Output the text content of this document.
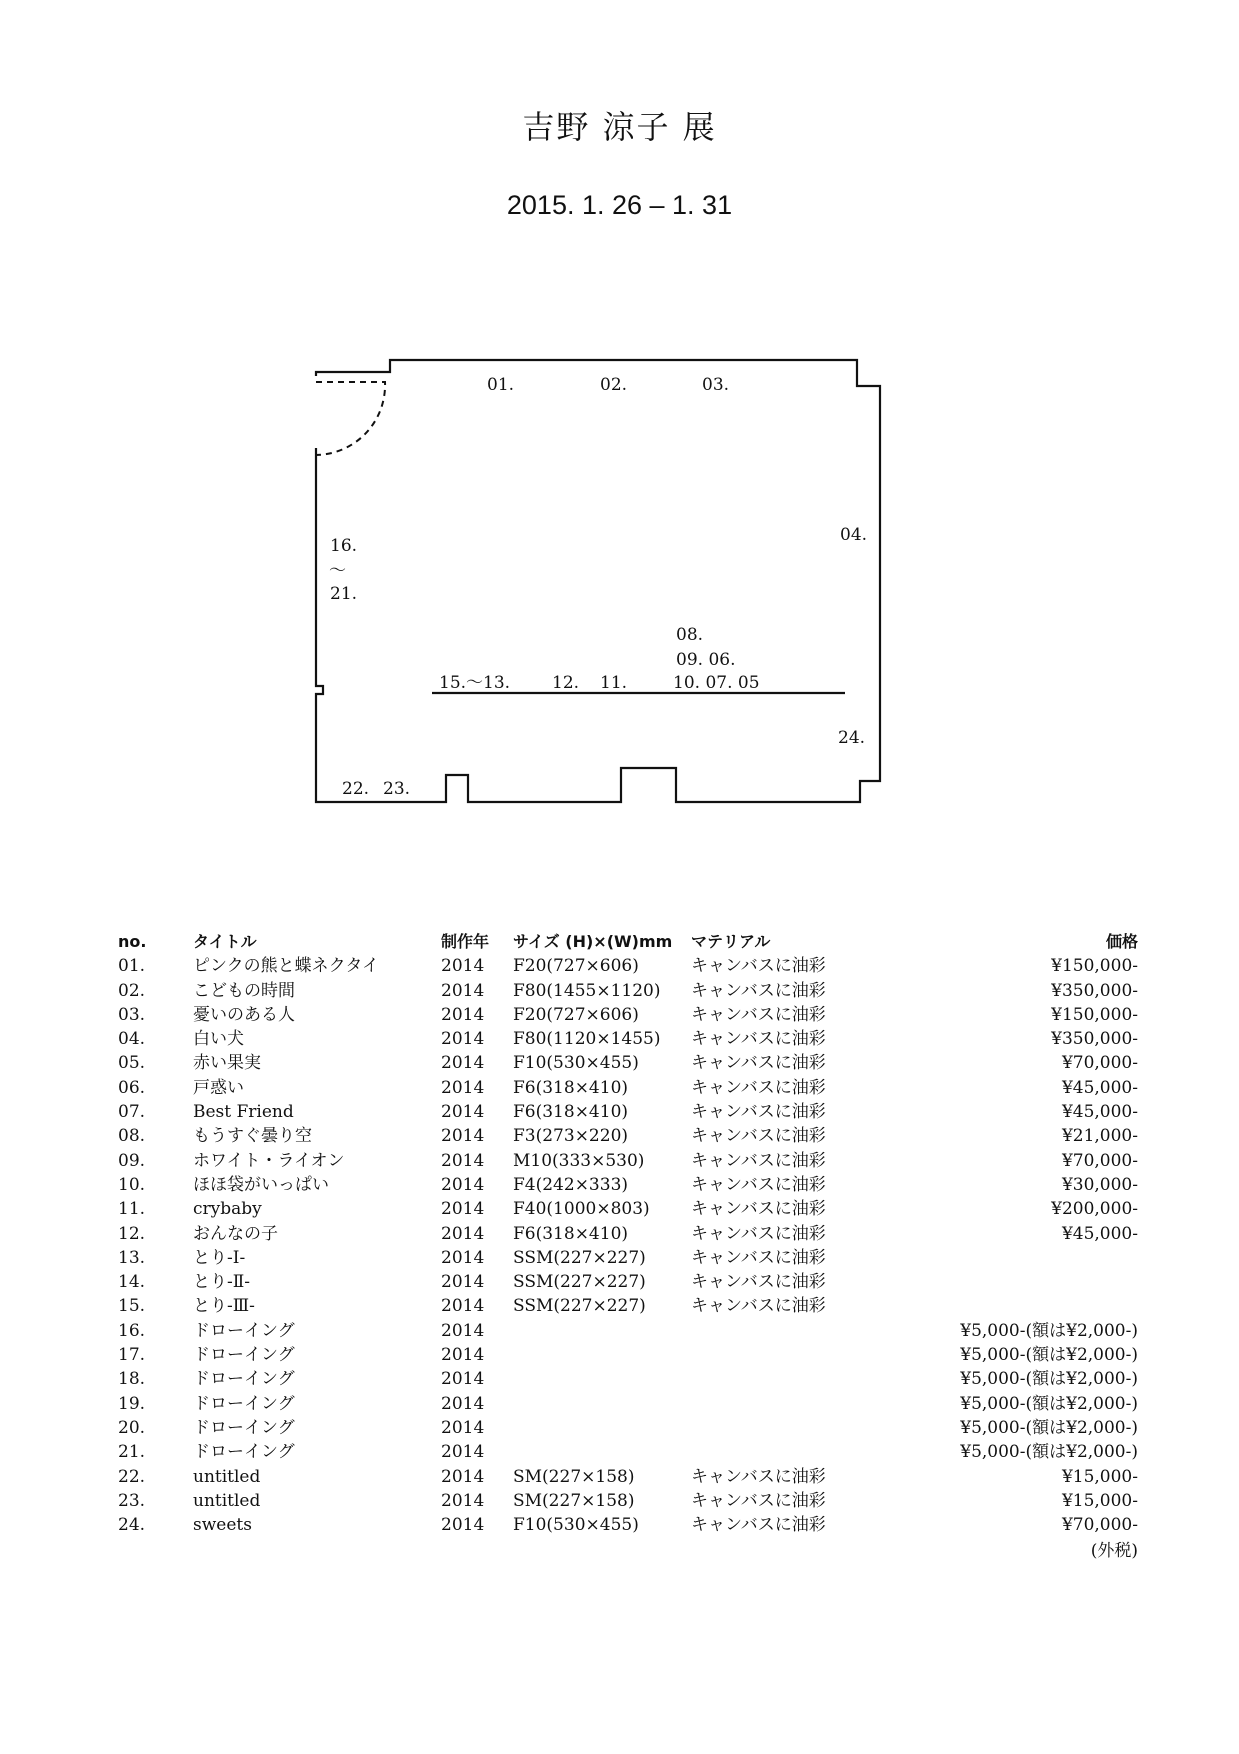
吉野 涼子 展
2015. 1. 26 – 1. 31
01.	02.	03.
04.
16.
～
21.
08.
09. 06.
15.～13. 12. 11.	10. 07. 05
24.
22. 23.
no.	タイトル	制作年	サイズ (H)×(W)mm	マテリアル	価格
01.	ピンクの熊と蝶ネクタイ	2014	F20(727×606)	キャンバスに油彩	¥150,000-
02.	こどもの時間	2014	F80(1455×1120)	キャンバスに油彩	¥350,000-
03.	憂いのある人	2014	F20(727×606)	キャンバスに油彩	¥150,000-
04.	白い犬	2014	F80(1120×1455)	キャンバスに油彩	¥350,000-
05.	赤い果実	2014	F10(530×455)	キャンバスに油彩	¥70,000-
06.	戸惑い	2014	F6(318×410)	キャンバスに油彩	¥45,000-
07.	Best Friend	2014	F6(318×410)	キャンバスに油彩	¥45,000-
08.	もうすぐ曇り空	2014	F3(273×220)	キャンバスに油彩	¥21,000-
09.	ホワイト・ライオン	2014	M10(333×530)	キャンバスに油彩	¥70,000-
10.	ほほ袋がいっぱい	2014	F4(242×333)	キャンバスに油彩	¥30,000-
11.	crybaby	2014	F40(1000×803)	キャンバスに油彩	¥200,000-
12.	おんなの子	2014	F6(318×410)	キャンバスに油彩	¥45,000-
13.	とり-Ⅰ-	2014	SSM(227×227)	キャンバスに油彩	
14.	とり-Ⅱ-	2014	SSM(227×227)	キャンバスに油彩	
15.	とり-Ⅲ-	2014	SSM(227×227)	キャンバスに油彩	
16.	ドローイング	2014			¥5,000-(額は¥2,000-)
17.	ドローイング	2014			¥5,000-(額は¥2,000-)
18.	ドローイング	2014			¥5,000-(額は¥2,000-)
19.	ドローイング	2014			¥5,000-(額は¥2,000-)
20.	ドローイング	2014			¥5,000-(額は¥2,000-)
21.	ドローイング	2014			¥5,000-(額は¥2,000-)
22.	untitled	2014	SM(227×158)	キャンバスに油彩	¥15,000-
23.	untitled	2014	SM(227×158)	キャンバスに油彩	¥15,000-
24.	sweets	2014	F10(530×455)	キャンバスに油彩	¥70,000-
(外税)
